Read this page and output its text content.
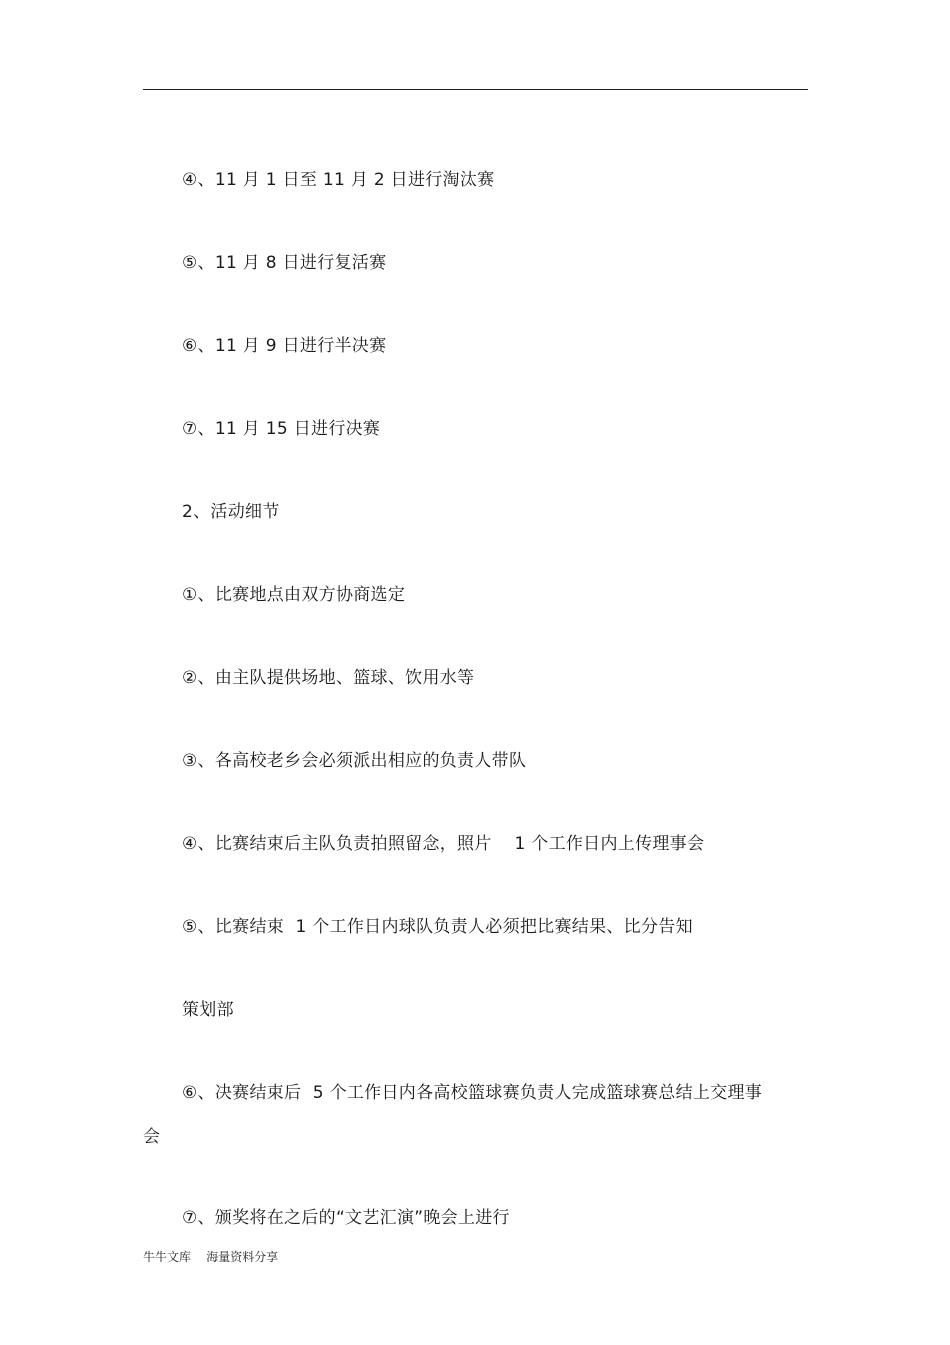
④、11 月 1 日至 11 月 2 日进行淘汰赛
⑤、11 月 8 日进行复活赛
⑥、11 月 9 日进行半决赛
⑦、11 月 15 日进行决赛
2、活动细节
①、比赛地点由双方协商选定
②、由主队提供场地、篮球、饮用水等
③、各高校老乡会必须派出相应的负责人带队
④、比赛结束后主队负责拍照留念，照片    1 个工作日内上传理事会
⑤、比赛结束  1 个工作日内球队负责人必须把比赛结果、比分告知
策划部
⑥、决赛结束后  5 个工作日内各高校篮球赛负责人完成篮球赛总结上交理事
会
⑦、颁奖将在之后的“文艺汇演”晚会上进行
牛牛文库    海量资料分享
